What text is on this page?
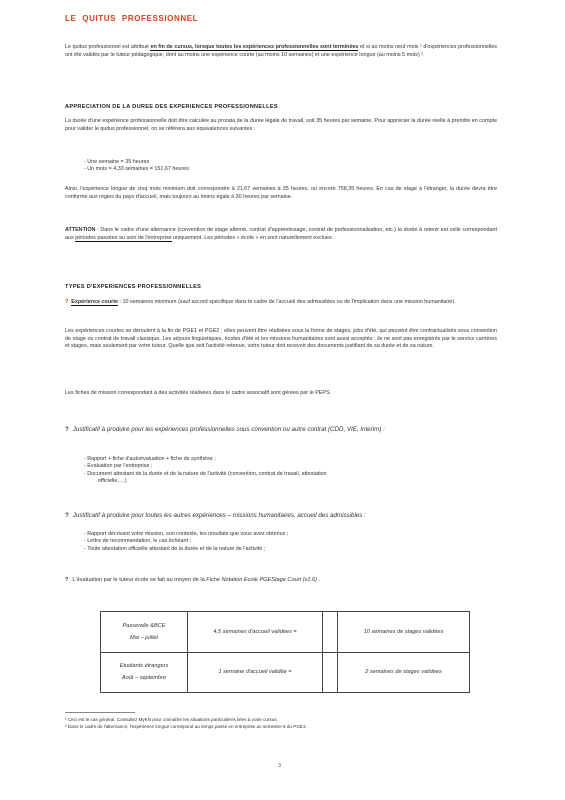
LE QUITUS PROFESSIONNEL
Le quitus professionnel est attribué en fin de cursus, lorsque toutes les expériences professionnelles sont terminées et si au moins neuf mois ¹ d'expériences professionnelles ont été validés par le tuteur pédagogique, dont au moins une expérience courte (au moins 10 semaines) et une expérience longue (au moins 5 mois) ².
APPRECIATION DE LA DUREE DES EXPERIENCES PROFESSIONNELLES
La durée d'une expérience professionnelle doit être calculée au prorata de la durée légale de travail, soit 35 heures par semaine. Pour apprécier la durée réelle à prendre en compte pour valider le quitus professionnel, on se référera aux équivalences suivantes :
- Une semaine = 35 heures
- Un mois = 4,33 semaines = 151,67 heures
Ainsi, l'expérience longue de cinq mois minimum doit correspondre à 21,67 semaines à 35 heures, ou encore 758,35 heures. En cas de stage à l'étranger, la durée devra être conforme aux règles du pays d'accueil, mais toujours au moins égale à 30 heures par semaine.
ATTENTION : Dans le cadre d'une alternance (convention de stage alterné, contrat d'apprentissage, contrat de professionnalisation, etc.) la durée à retenir est celle correspondant aux périodes passées au sein de l'entreprise uniquement. Les périodes « école » en sont naturellement exclues.
TYPES D'EXPERIENCES PROFESSIONNELLES
? Expérience courte : 10 semaines minimum (sauf accord spécifique dans le cadre de l'accueil des admissibles ou de l'implication dans une mission humanitaire).
Les expériences courtes se déroulent à la fin de PGE1 et PGE2 ; elles peuvent être réalisées sous la forme de stages, jobs d'été, qui peuvent être contractualisés sous convention de stage ou contrat de travail classique. Les séjours linguistiques, écoles d'été et les missions humanitaires sont aussi acceptés ; ils ne sont pas enregistrés par le service carrières et stages, mais seulement par votre tuteur. Quelle que soit l'activité retenue, votre tuteur doit recevoir des documents justifiant de sa durée et de sa nature.
Les fiches de mission correspondant à des activités réalisées dans le cadre associatif sont gérées par le PEPS.
? Justificatif à produire pour les expériences professionnelles sous convention ou autre contrat (CDD, VIE, Interim) :
- Rapport + fiche d'autoévaluation + fiche de synthèse ;
- Evaluation par l'entreprise ;
- Document attestant de la durée et de la nature de l'activité (convention, contrat de travail, attestation
officielle, ...)
? Justificatif à produire pour toutes les autres expériences – missions humanitaires, accueil des admissibles :
- Rapport décrivant votre mission, son contexte, les résultats que vous avez obtenus ;
- Lettre de recommandation, le cas échéant ;
- Toute attestation officielle attestant de la durée et de la nature de l'activité ;
? L'évaluation par le tuteur école se fait au moyen de la Fiche Notation Ecole PGEStage Court (v1.6) .
Passerelle &BCE
Mai – juillet	4,5 semaines d'accueil validées =		10 semaines de stages validées

Etudiants étrangers
Août – septembre	1 semaine d'accueil validée =		2 semaines de stages validées
¹ Ceci est le cas général. Consultez MyKN pour connaître les situations particulières liées à votre cursus.
² Dans le cadre de l'alternance, l'expérience longue correspond au temps passé en entreprise au semestre 6 du PGE3.
3
